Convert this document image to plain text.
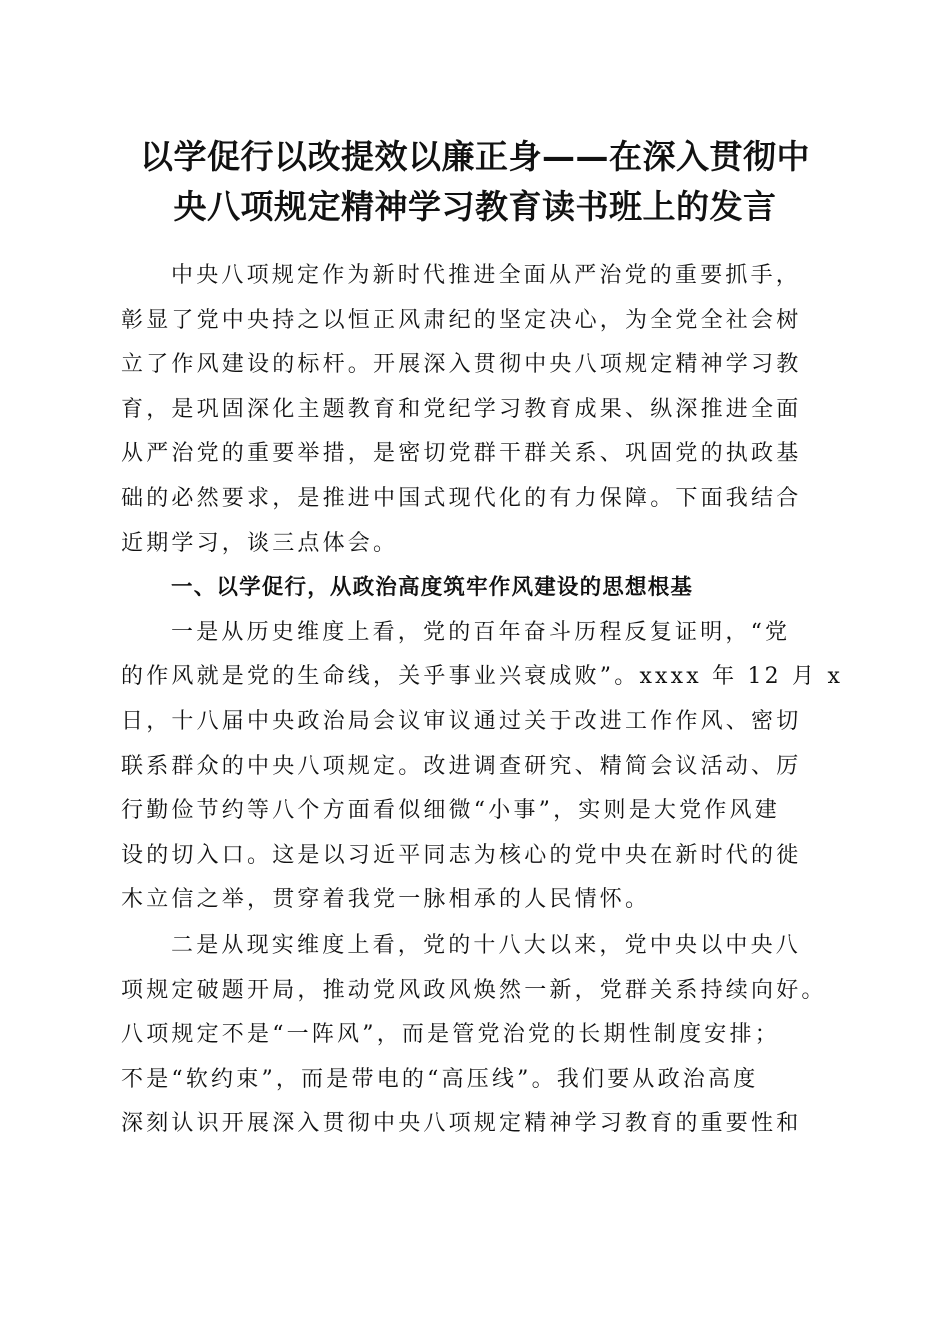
以学促行以改提效以廉正身——在深入贯彻中
央八项规定精神学习教育读书班上的发言
中央八项规定作为新时代推进全面从严治党的重要抓手，
彰显了党中央持之以恒正风肃纪的坚定决心，为全党全社会树
立了作风建设的标杆。开展深入贯彻中央八项规定精神学习教
育，是巩固深化主题教育和党纪学习教育成果、纵深推进全面
从严治党的重要举措，是密切党群干群关系、巩固党的执政基
础的必然要求，是推进中国式现代化的有力保障。下面我结合
近期学习，谈三点体会。
一、以学促行，从政治高度筑牢作风建设的思想根基
一是从历史维度上看，党的百年奋斗历程反复证明，“党
的作风就是党的生命线，关乎事业兴衰成败”。xxxx 年 12 月 x
日，十八届中央政治局会议审议通过关于改进工作作风、密切
联系群众的中央八项规定。改进调查研究、精简会议活动、厉
行勤俭节约等八个方面看似细微“小事”，实则是大党作风建
设的切入口。这是以习近平同志为核心的党中央在新时代的徙
木立信之举，贯穿着我党一脉相承的人民情怀。
二是从现实维度上看，党的十八大以来，党中央以中央八
项规定破题开局，推动党风政风焕然一新，党群关系持续向好。
八项规定不是“一阵风”，而是管党治党的长期性制度安排；
不是“软约束”，而是带电的“高压线”。我们要从政治高度
深刻认识开展深入贯彻中央八项规定精神学习教育的重要性和
